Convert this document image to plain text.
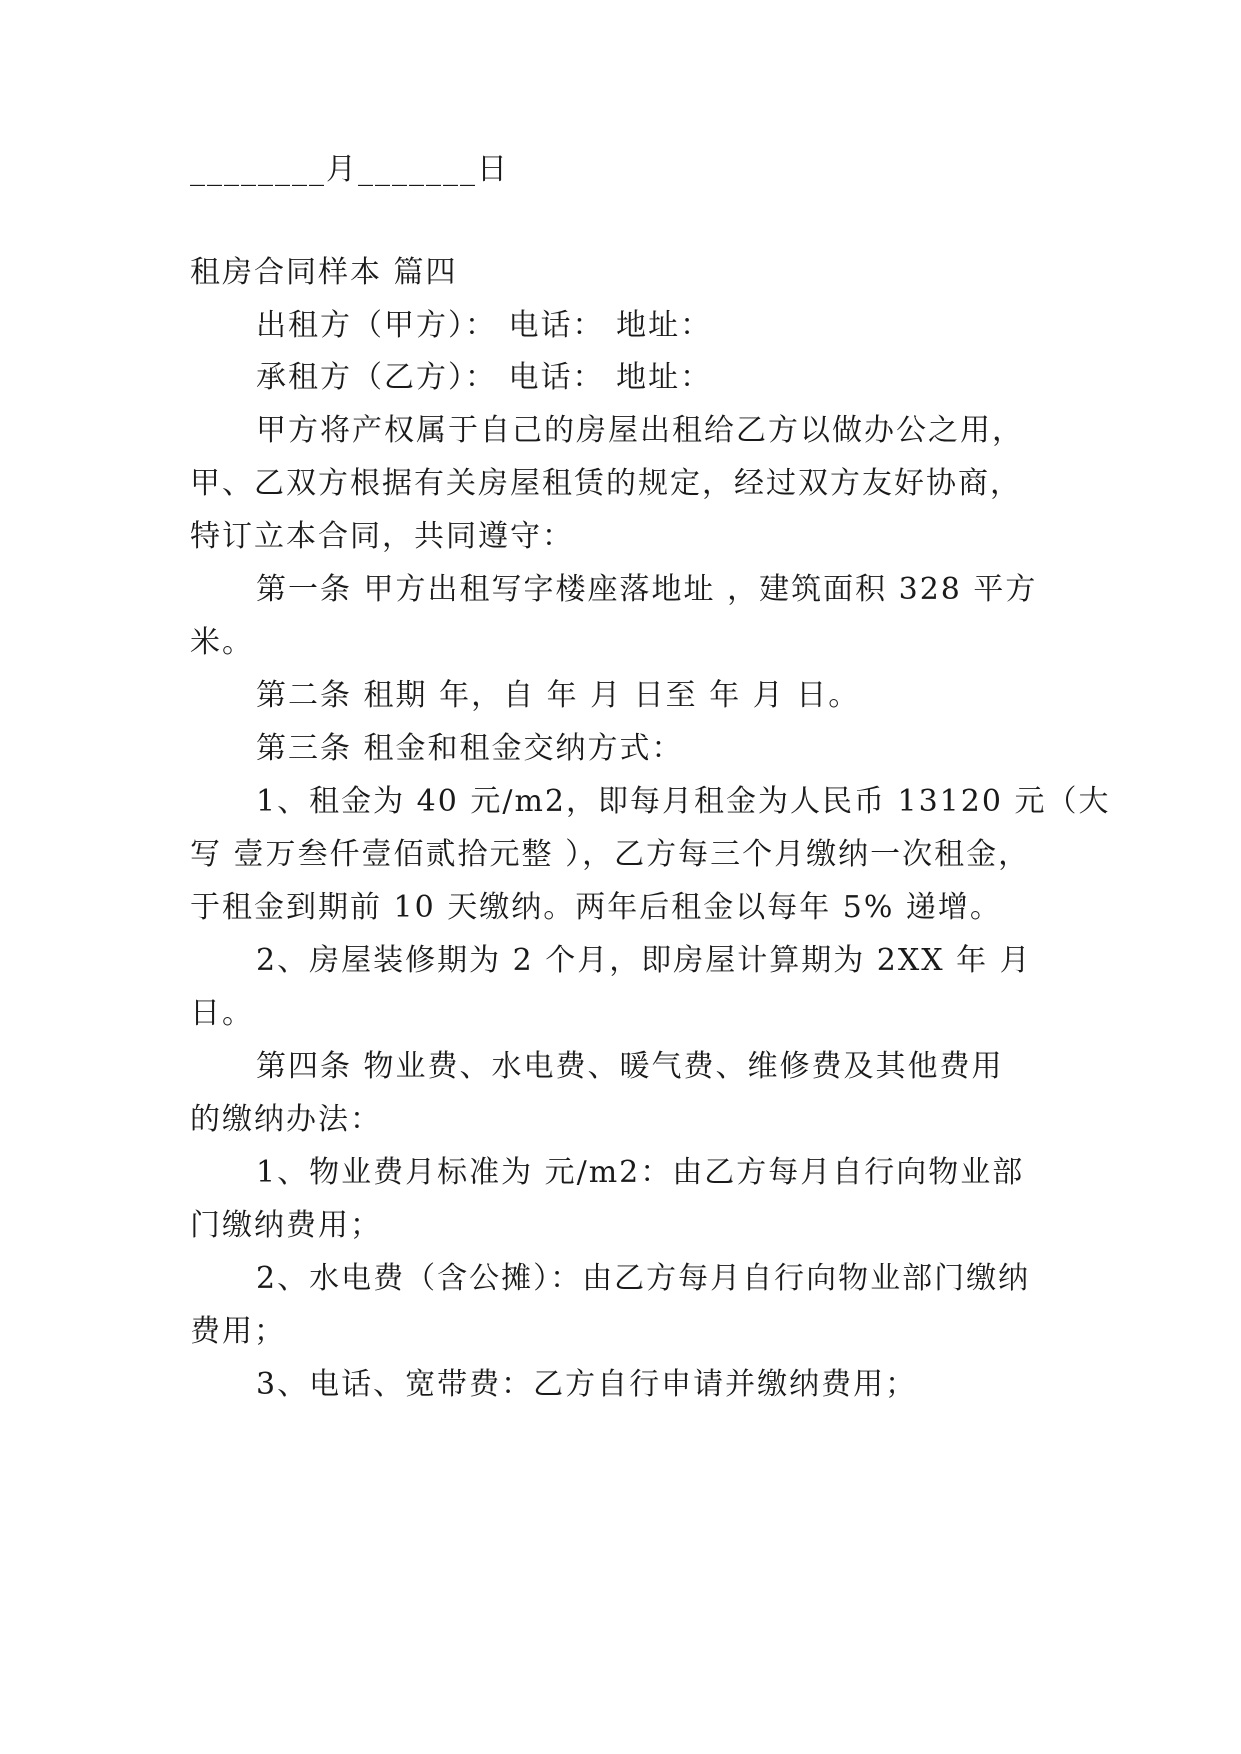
________月_______日
租房合同样本 篇四
出租方（甲方）： 电话： 地址：
承租方（乙方）： 电话： 地址：
甲方将产权属于自己的房屋出租给乙方以做办公之用，
甲、乙双方根据有关房屋租赁的规定，经过双方友好协商，
特订立本合同，共同遵守：
第一条 甲方出租写字楼座落地址 ，建筑面积 328 平方
米。
第二条 租期 年，自 年 月 日至 年 月 日。
第三条 租金和租金交纳方式：
1、租金为 40 元/m2，即每月租金为人民币 13120 元（大
写 壹万叁仟壹佰贰拾元整 ），乙方每三个月缴纳一次租金，
于租金到期前 10 天缴纳。两年后租金以每年 5% 递增。
2、房屋装修期为 2 个月，即房屋计算期为 2XX 年 月
日。
第四条 物业费、水电费、暖气费、维修费及其他费用
的缴纳办法：
1、物业费月标准为 元/m2：由乙方每月自行向物业部
门缴纳费用；
2、水电费（含公摊）：由乙方每月自行向物业部门缴纳
费用；
3、电话、宽带费：乙方自行申请并缴纳费用；
